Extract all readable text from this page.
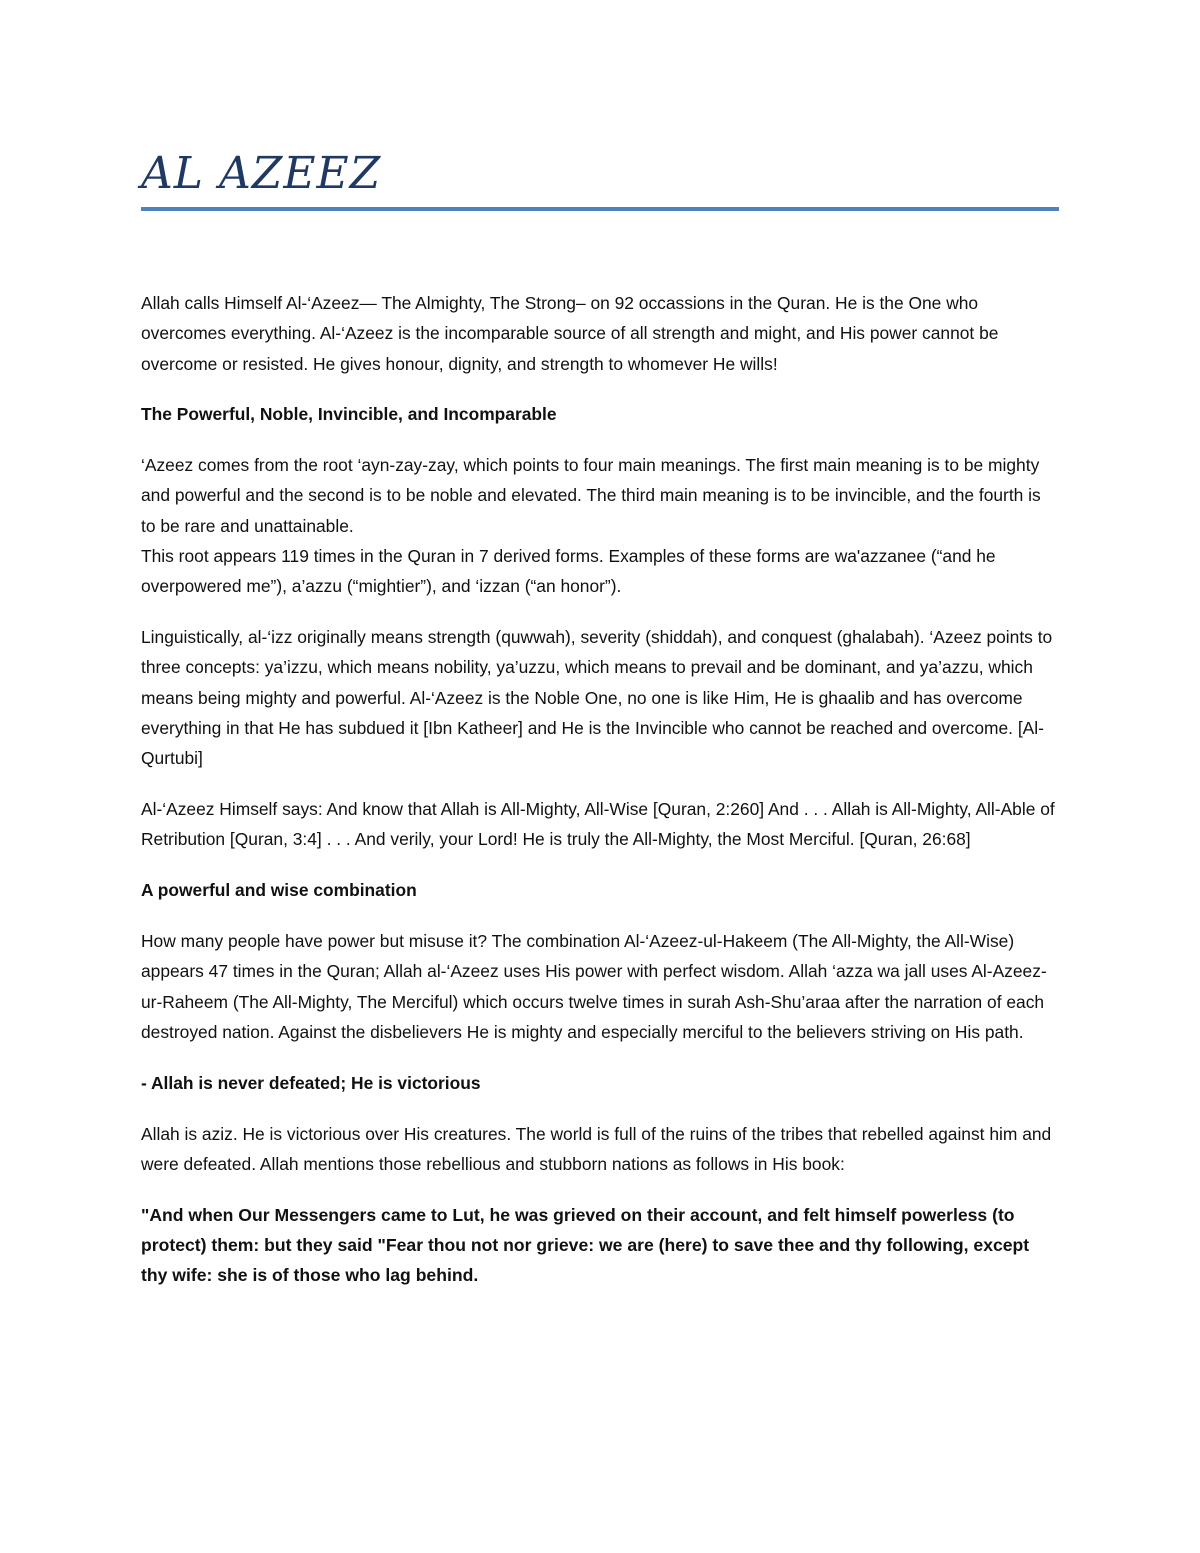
AL AZEEZ

Allah calls Himself Al-‘Azeez— The Almighty, The Strong– on 92 occassions in the Quran. He is the One who overcomes everything. Al-‘Azeez is the incomparable source of all strength and might, and His power cannot be overcome or resisted. He gives honour, dignity, and strength to whomever He wills!

The Powerful, Noble, Invincible, and Incomparable

‘Azeez comes from the root ‘ayn-zay-zay, which points to four main meanings. The first main meaning is to be mighty and powerful and the second is to be noble and elevated. The third main meaning is to be invincible, and the fourth is to be rare and unattainable.

This root appears 119 times in the Quran in 7 derived forms. Examples of these forms are wa'azzanee (“and he overpowered me”), a’azzu (“mightier”), and ‘izzan (“an honor”).

Linguistically, al-‘izz originally means strength (quwwah), severity (shiddah), and conquest (ghalabah). ‘Azeez points to three concepts: ya’izzu, which means nobility, ya’uzzu, which means to prevail and be dominant, and ya’azzu, which means being mighty and powerful. Al-‘Azeez is the Noble One, no one is like Him, He is ghaalib and has overcome everything in that He has subdued it [Ibn Katheer] and He is the Invincible who cannot be reached and overcome. [Al-Qurtubi]

Al-‘Azeez Himself says: And know that Allah is All-Mighty, All-Wise [Quran, 2:260] And . . . Allah is All-Mighty, All-Able of Retribution [Quran, 3:4] . . . And verily, your Lord! He is truly the All-Mighty, the Most Merciful. [Quran, 26:68]

A powerful and wise combination

How many people have power but misuse it? The combination Al-‘Azeez-ul-Hakeem (The All-Mighty, the All-Wise) appears 47 times in the Quran; Allah al-‘Azeez uses His power with perfect wisdom. Allah ‘azza wa jall uses Al-Azeez-ur-Raheem (The All-Mighty, The Merciful) which occurs twelve times in surah Ash-Shu’araa after the narration of each destroyed nation. Against the disbelievers He is mighty and especially merciful to the believers striving on His path.

- Allah is never defeated; He is victorious

Allah is aziz. He is victorious over His creatures. The world is full of the ruins of the tribes that rebelled against him and were defeated. Allah mentions those rebellious and stubborn nations as follows in His book:

"And when Our Messengers came to Lut, he was grieved on their account, and felt himself powerless (to protect) them: but they said "Fear thou not nor grieve: we are (here) to save thee and thy following, except thy wife: she is of those who lag behind.
